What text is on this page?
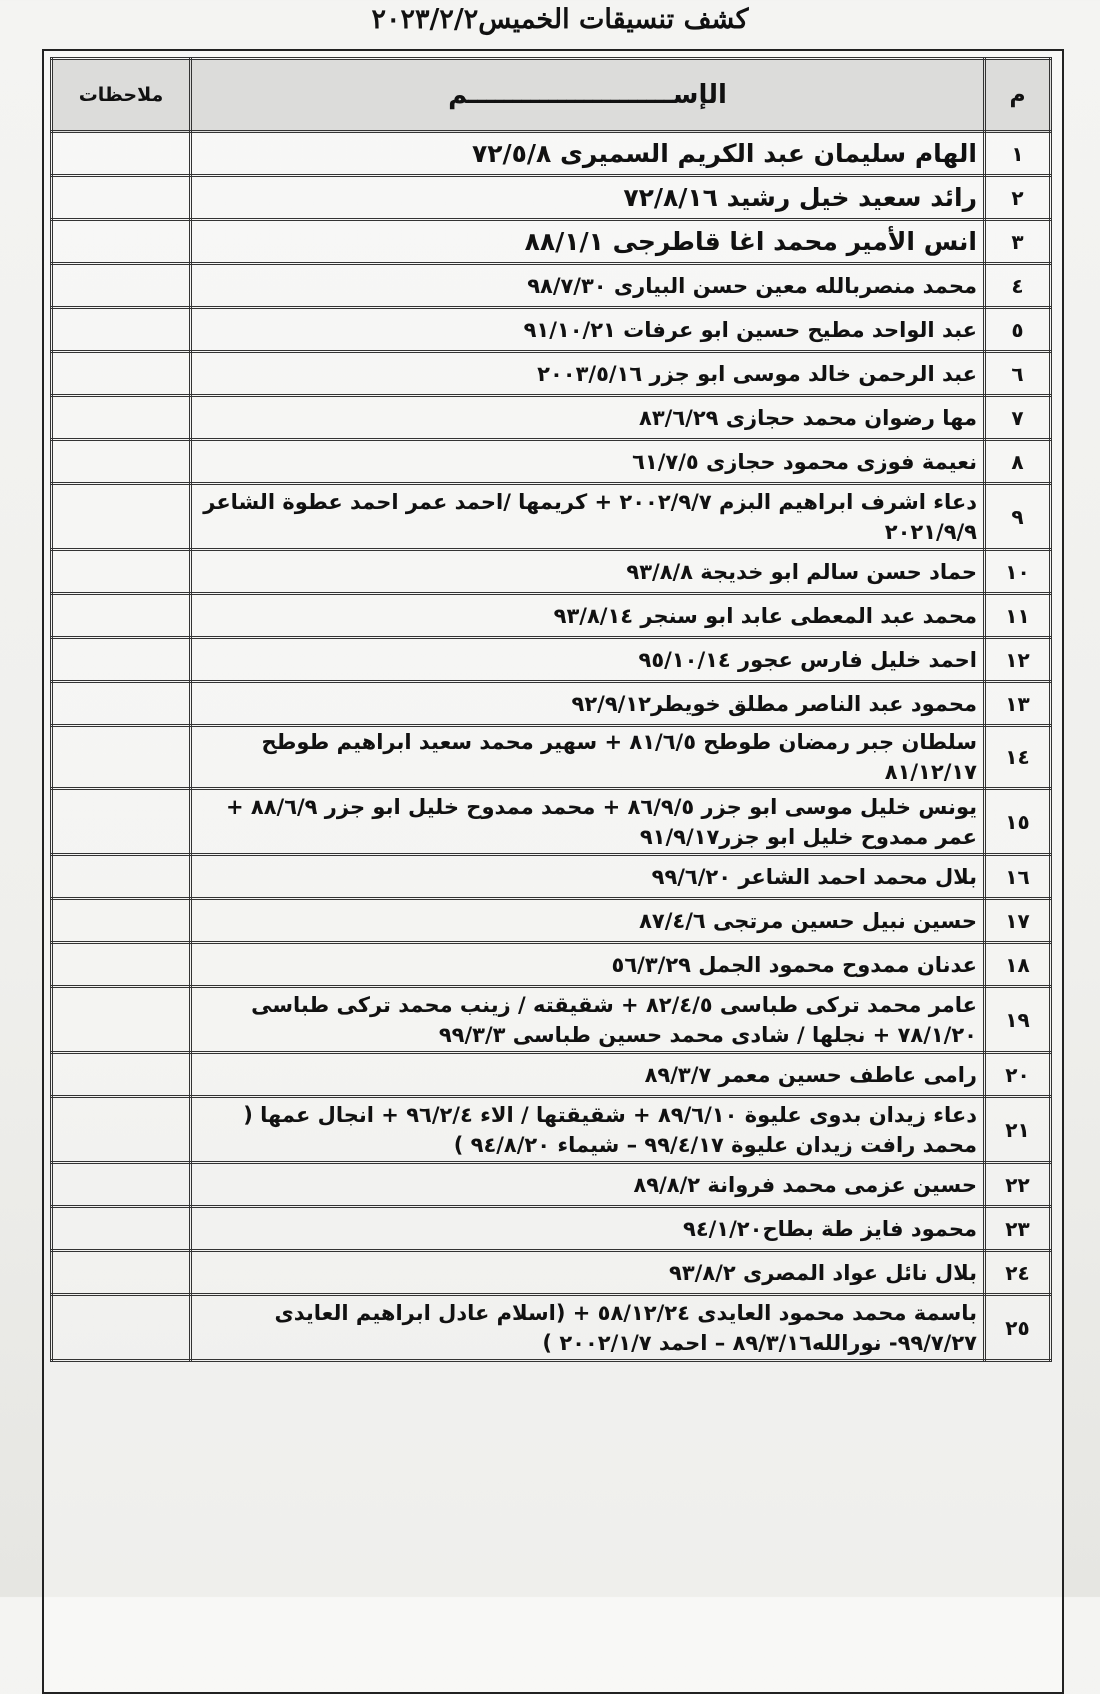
كشف تنسيقات الخميس٢٠٢٣/٢/٢
م	الإســـــــــــــــــــــــم	ملاحظات
١	الهام سليمان عبد الكريم السميرى ٧٢/٥/٨	
٢	رائد سعيد خيل رشيد ٧٢/٨/١٦	
٣	انس الأمير محمد اغا قاطرجى ٨٨/١/١	
٤	محمد منصربالله معين حسن البيارى ٩٨/٧/٣٠	
٥	عبد الواحد مطيح حسين ابو عرفات ٩١/١٠/٢١	
٦	عبد الرحمن خالد موسى ابو جزر ٢٠٠٣/٥/١٦	
٧	مها رضوان محمد حجازى ٨٣/٦/٢٩	
٨	نعيمة فوزى محمود حجازى ٦١/٧/٥	
٩	دعاء اشرف ابراهيم البزم ٢٠٠٢/٩/٧ + كريمها /احمد عمر احمد عطوة الشاعر ٢٠٢١/٩/٩	
١٠	حماد حسن سالم ابو خديجة ٩٣/٨/٨	
١١	محمد عبد المعطى عابد ابو سنجر ٩٣/٨/١٤	
١٢	احمد خليل فارس عجور ٩٥/١٠/١٤	
١٣	محمود عبد الناصر مطلق خويطر٩٢/٩/١٢	
١٤	سلطان جبر رمضان طوطح ٨١/٦/٥ + سهير محمد سعيد ابراهيم طوطح ٨١/١٢/١٧	
١٥	يونس خليل موسى ابو جزر ٨٦/٩/٥ + محمد ممدوح خليل ابو جزر ٨٨/٦/٩ + عمر ممدوح خليل ابو جزر٩١/٩/١٧	
١٦	بلال محمد احمد الشاعر ٩٩/٦/٢٠	
١٧	حسين نبيل حسين مرتجى ٨٧/٤/٦	
١٨	عدنان ممدوح محمود الجمل ٥٦/٣/٢٩	
١٩	عامر محمد تركى طباسى ٨٢/٤/٥ + شقيقته / زينب محمد تركى طباسى ٧٨/١/٢٠ + نجلها / شادى محمد حسين طباسى ٩٩/٣/٣	
٢٠	رامى عاطف حسين معمر ٨٩/٣/٧	
٢١	دعاء زيدان بدوى عليوة ٨٩/٦/١٠ + شقيقتها / الاء ٩٦/٢/٤ + انجال عمها ( محمد رافت زيدان عليوة ٩٩/٤/١٧ – شيماء ٩٤/٨/٢٠ )	
٢٢	حسين عزمى محمد فروانة ٨٩/٨/٢	
٢٣	محمود فايز طة بطاح٩٤/١/٢٠	
٢٤	بلال نائل عواد المصرى ٩٣/٨/٢	
٢٥	باسمة محمد محمود العايدى ٥٨/١٢/٢٤ + (اسلام عادل ابراهيم العايدى ٩٩/٧/٢٧- نورالله٨٩/٣/١٦ – احمد ٢٠٠٢/١/٧ )	
